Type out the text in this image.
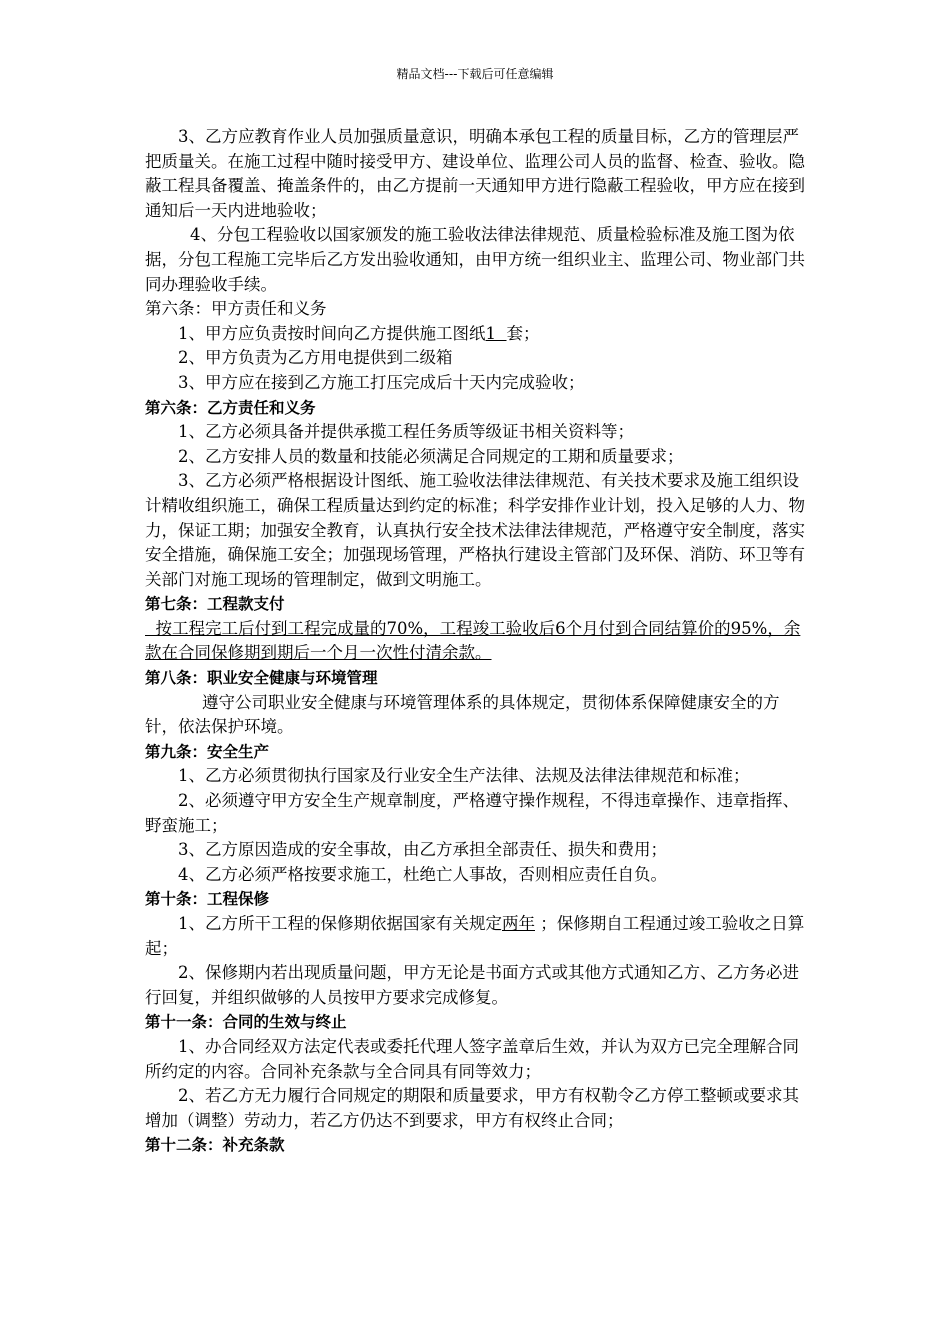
精品文档---下载后可任意编辑

3、乙方应教育作业人员加强质量意识，明确本承包工程的质量目标，乙方的管理层严把质量关。在施工过程中随时接受甲方、建设单位、监理公司人员的监督、检查、验收。隐蔽工程具备覆盖、掩盖条件的，由乙方提前一天通知甲方进行隐蔽工程验收，甲方应在接到通知后一天内进地验收；

4、分包工程验收以国家颁发的施工验收法律法律规范、质量检验标准及施工图为依据，分包工程施工完毕后乙方发出验收通知，由甲方统一组织业主、监理公司、物业部门共同办理验收手续。

第六条：甲方责任和义务

1、甲方应负责按时间向乙方提供施工图纸1  套；

2、甲方负责为乙方用电提供到二级箱

3、甲方应在接到乙方施工打压完成后十天内完成验收；

第六条：乙方责任和义务

1、乙方必须具备并提供承揽工程任务质等级证书相关资料等；

2、乙方安排人员的数量和技能必须满足合同规定的工期和质量要求；

3、乙方必须严格根据设计图纸、施工验收法律法律规范、有关技术要求及施工组织设计精收组织施工，确保工程质量达到约定的标准；科学安排作业计划，投入足够的人力、物力，保证工期；加强安全教育，认真执行安全技术法律法律规范，严格遵守安全制度，落实安全措施，确保施工安全；加强现场管理，严格执行建设主管部门及环保、消防、环卫等有关部门对施工现场的管理制定，做到文明施工。

第七条：工程款支付

按工程完工后付到工程完成量的70%，工程竣工验收后6个月付到合同结算价的95%，余款在合同保修期到期后一个月一次性付清余款。

第八条：职业安全健康与环境管理

遵守公司职业安全健康与环境管理体系的具体规定，贯彻体系保障健康安全的方针，依法保护环境。

第九条：安全生产

1、乙方必须贯彻执行国家及行业安全生产法律、法规及法律法律规范和标准；

2、必须遵守甲方安全生产规章制度，严格遵守操作规程，不得违章操作、违章指挥、野蛮施工；

3、乙方原因造成的安全事故，由乙方承担全部责任、损失和费用；

4、乙方必须严格按要求施工，杜绝亡人事故，否则相应责任自负。

第十条：工程保修

1、乙方所干工程的保修期依据国家有关规定两年 ；保修期自工程通过竣工验收之日算起；

2、保修期内若出现质量问题，甲方无论是书面方式或其他方式通知乙方、乙方务必进行回复，并组织做够的人员按甲方要求完成修复。

第十一条：合同的生效与终止

1、办合同经双方法定代表或委托代理人签字盖章后生效，并认为双方已完全理解合同所约定的内容。合同补充条款与全合同具有同等效力；

2、若乙方无力履行合同规定的期限和质量要求，甲方有权勒令乙方停工整顿或要求其增加（调整）劳动力，若乙方仍达不到要求，甲方有权终止合同；

第十二条：补充条款
